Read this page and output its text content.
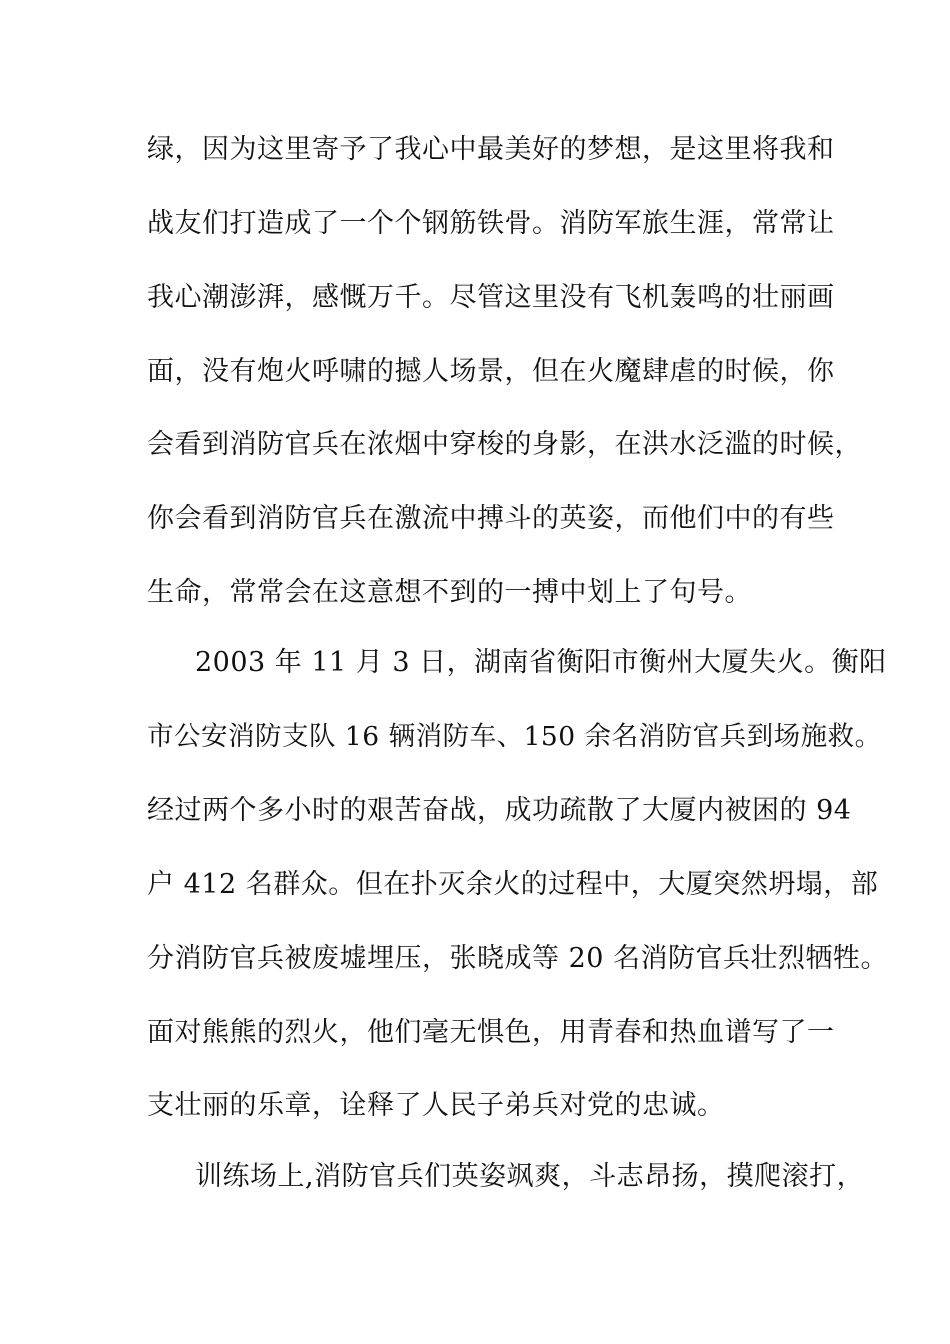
绿，因为这里寄予了我心中最美好的梦想，是这里将我和
战友们打造成了一个个钢筋铁骨。消防军旅生涯，常常让
我心潮澎湃，感慨万千。尽管这里没有飞机轰鸣的壮丽画
面，没有炮火呼啸的撼人场景，但在火魔肆虐的时候，你
会看到消防官兵在浓烟中穿梭的身影，在洪水泛滥的时候，
你会看到消防官兵在激流中搏斗的英姿，而他们中的有些
生命，常常会在这意想不到的一搏中划上了句号。
2003 年 11 月 3 日，湖南省衡阳市衡州大厦失火。衡阳
市公安消防支队 16 辆消防车、150 余名消防官兵到场施救。
经过两个多小时的艰苦奋战，成功疏散了大厦内被困的 94
户 412 名群众。但在扑灭余火的过程中，大厦突然坍塌，部
分消防官兵被废墟埋压，张晓成等 20 名消防官兵壮烈牺牲。
面对熊熊的烈火，他们毫无惧色，用青春和热血谱写了一
支壮丽的乐章，诠释了人民子弟兵对党的忠诚。
训练场上,消防官兵们英姿飒爽，斗志昂扬，摸爬滚打，
